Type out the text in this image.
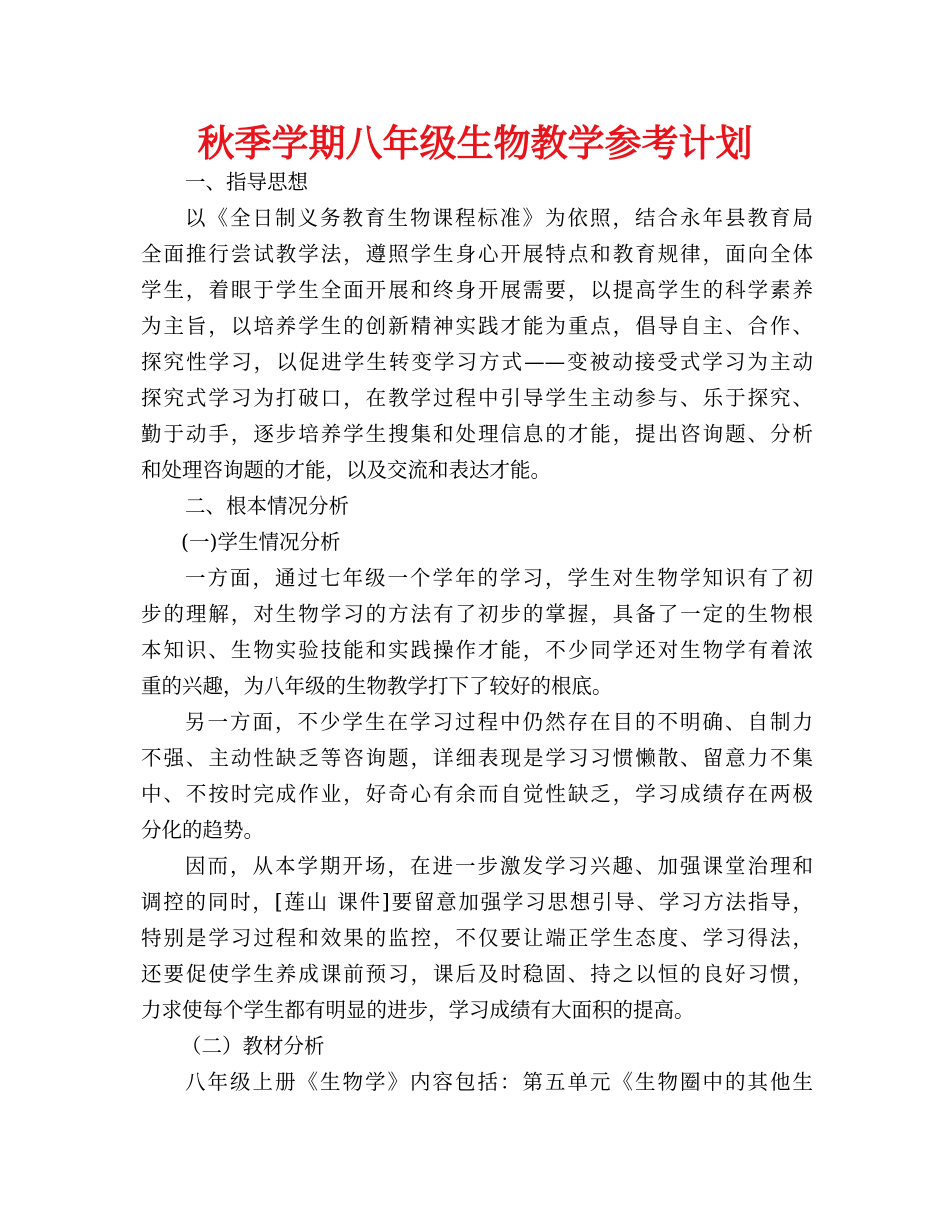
秋季学期八年级生物教学参考计划

一、指导思想

以《全日制义务教育生物课程标准》为依照，结合永年县教育局
全面推行尝试教学法，遵照学生身心开展特点和教育规律，面向全体
学生，着眼于学生全面开展和终身开展需要，以提高学生的科学素养
为主旨，以培养学生的创新精神实践才能为重点，倡导自主、合作、
探究性学习，以促进学生转变学习方式——变被动接受式学习为主动
探究式学习为打破口，在教学过程中引导学生主动参与、乐于探究、
勤于动手，逐步培养学生搜集和处理信息的才能，提出咨询题、分析
和处理咨询题的才能，以及交流和表达才能。

二、根本情况分析

(一)学生情况分析

一方面，通过七年级一个学年的学习，学生对生物学知识有了初
步的理解，对生物学习的方法有了初步的掌握，具备了一定的生物根
本知识、生物实验技能和实践操作才能，不少同学还对生物学有着浓
重的兴趣，为八年级的生物教学打下了较好的根底。
另一方面，不少学生在学习过程中仍然存在目的不明确、自制力
不强、主动性缺乏等咨询题，详细表现是学习习惯懒散、留意力不集
中、不按时完成作业，好奇心有余而自觉性缺乏，学习成绩存在两极
分化的趋势。
因而，从本学期开场，在进一步激发学习兴趣、加强课堂治理和
调控的同时，[莲山 课件]要留意加强学习思想引导、学习方法指导，
特别是学习过程和效果的监控，不仅要让端正学生态度、学习得法，
还要促使学生养成课前预习，课后及时稳固、持之以恒的良好习惯，
力求使每个学生都有明显的进步，学习成绩有大面积的提高。

（二）教材分析

八年级上册《生物学》内容包括：第五单元《生物圈中的其他生
